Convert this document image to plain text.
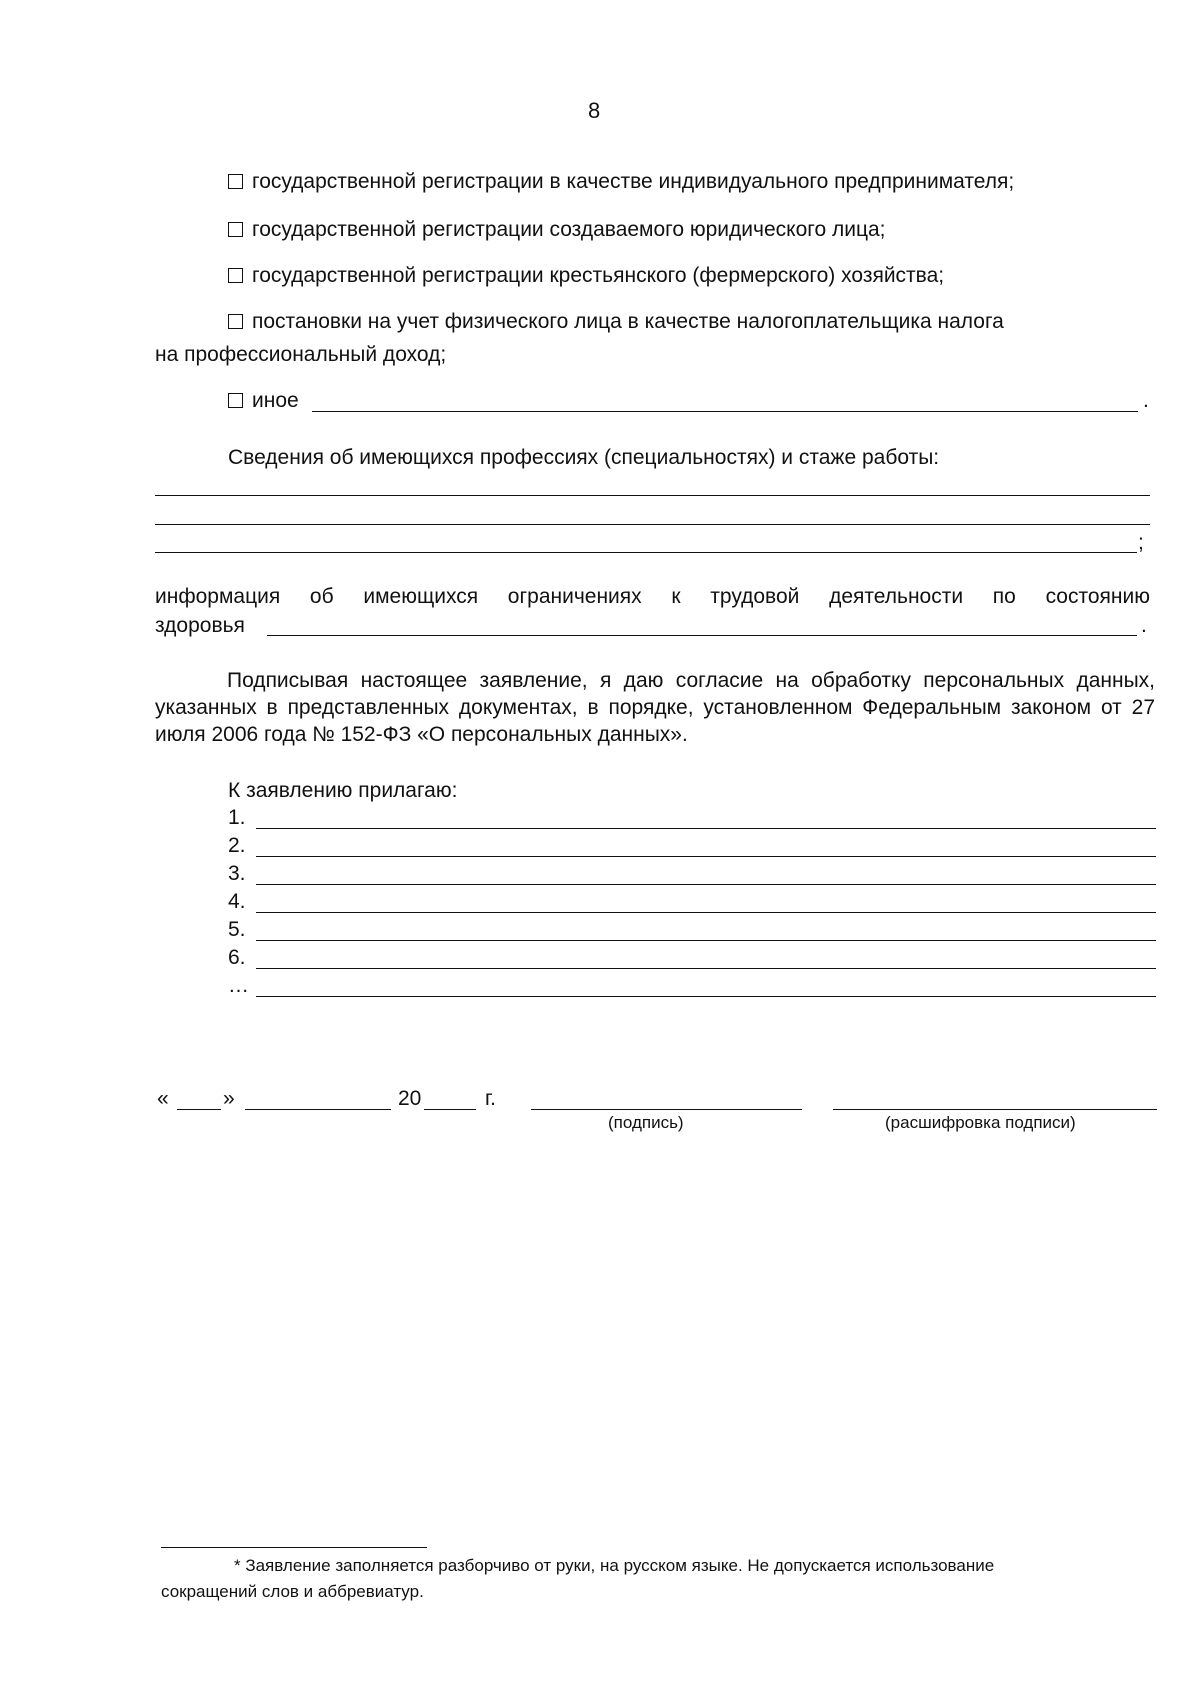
8
государственной регистрации в качестве индивидуального предпринимателя;
государственной регистрации создаваемого юридического лица;
государственной регистрации крестьянского (фермерского) хозяйства;
постановки на учет физического лица в качестве налогоплательщика налога
на профессиональный доход;
иное	.
Сведения об имеющихся профессиях (специальностях) и стаже работы:
;
информация об имеющихся ограничениях к трудовой деятельности по состоянию
здоровья	.
Подписывая настоящее заявление, я даю согласие на обработку персональных данных, указанных в представленных документах, в порядке, установленном Федеральным законом от 27 июля 2006 года № 152-ФЗ «О персональных данных».
К заявлению прилагаю:
1.
2.
3.
4.
5.
6.
…
«	»	20	г.
(подпись)	(расшифровка подписи)
* Заявление заполняется разборчиво от руки, на русском языке. Не допускается использование
сокращений слов и аббревиатур.
